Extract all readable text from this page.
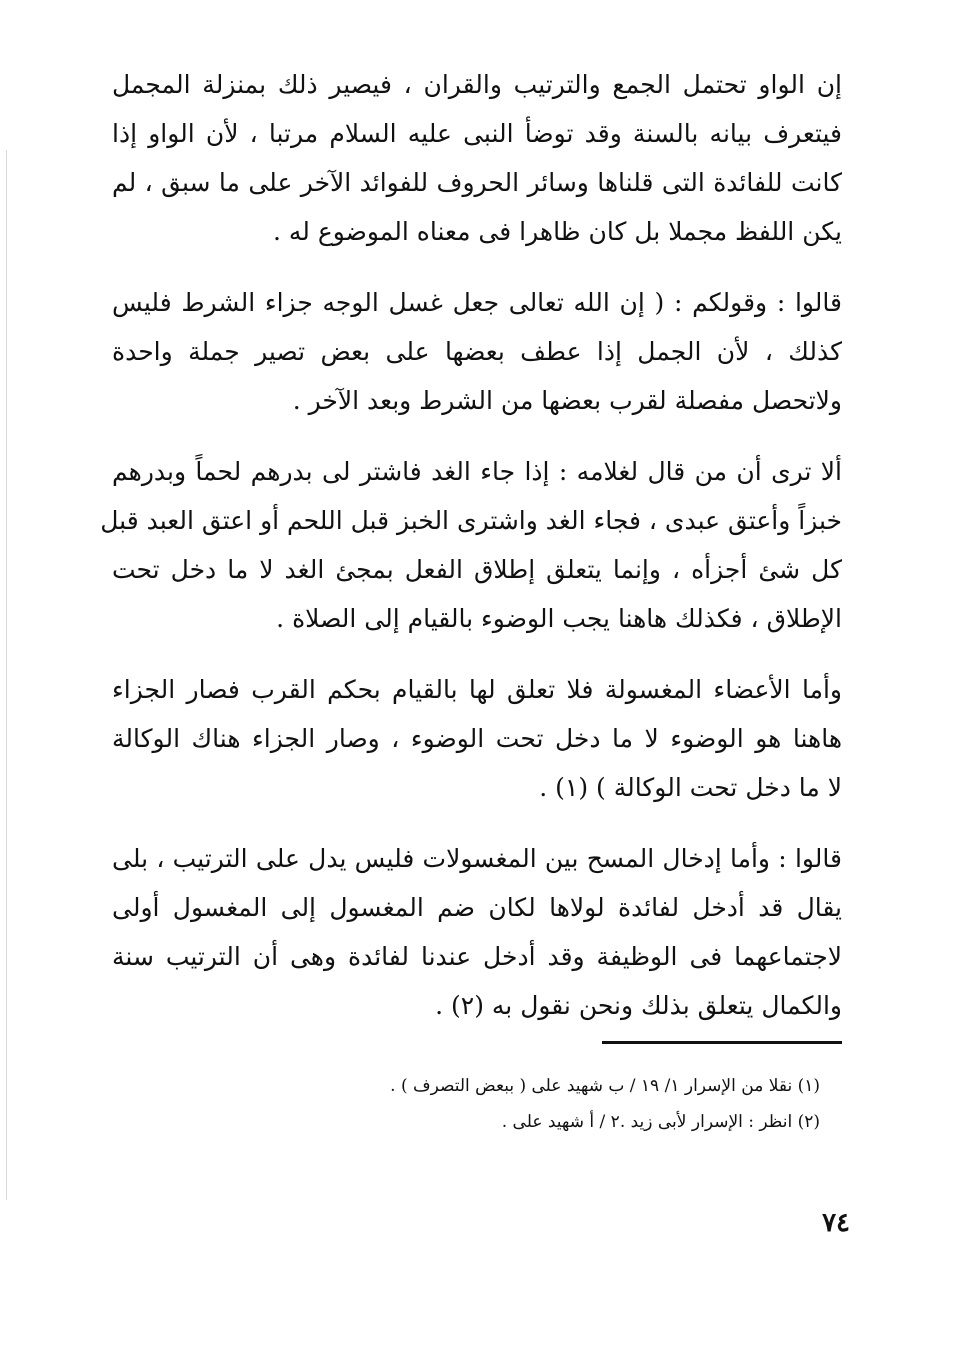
إن الواو تحتمل الجمع والترتيب والقران ، فيصير ذلك بمنزلة المجمل
فيتعرف بيانه بالسنة وقد توضأ النبى عليه السلام مرتبا ، لأن الواو إذا
كانت للفائدة التى قلناها وسائر الحروف للفوائد الآخر على ما سبق ، لم
يكن اللفظ مجملا بل كان ظاهرا فى معناه الموضوع له .

قالوا : وقولكم : ( إن الله تعالى جعل غسل الوجه جزاء الشرط فليس
كذلك ، لأن الجمل إذا عطف بعضها على بعض تصير جملة واحدة
ولاتحصل مفصلة لقرب بعضها من الشرط وبعد الآخر .

ألا ترى أن من قال لغلامه : إذا جاء الغد فاشتر لى بدرهم لحماً وبدرهم
خبزاً وأعتق عبدى ، فجاء الغد واشترى الخبز قبل اللحم أو اعتق العبد قبل
كل شئ أجزأه ، وإنما يتعلق إطلاق الفعل بمجئ الغد لا ما دخل تحت
الإطلاق ، فكذلك هاهنا يجب الوضوء بالقيام إلى الصلاة .

وأما الأعضاء المغسولة فلا تعلق لها بالقيام بحكم القرب فصار الجزاء
هاهنا هو الوضوء لا ما دخل تحت الوضوء ، وصار الجزاء هناك الوكالة
لا ما دخل تحت الوكالة ) (١) .

قالوا : وأما إدخال المسح بين المغسولات فليس يدل على الترتيب ، بلى
يقال قد أدخل لفائدة لولاها لكان ضم المغسول إلى المغسول أولى
لاجتماعهما فى الوظيفة وقد أدخل عندنا لفائدة وهى أن الترتيب سنة
والكمال يتعلق بذلك ونحن نقول به (٢) .

(١) نقلا من الإسرار ١/ ١٩ / ب شهيد على ( ببعض التصرف ) .
(٢) انظر : الإسرار لأبى زيد .٢ / أ شهيد على .
٧٤
